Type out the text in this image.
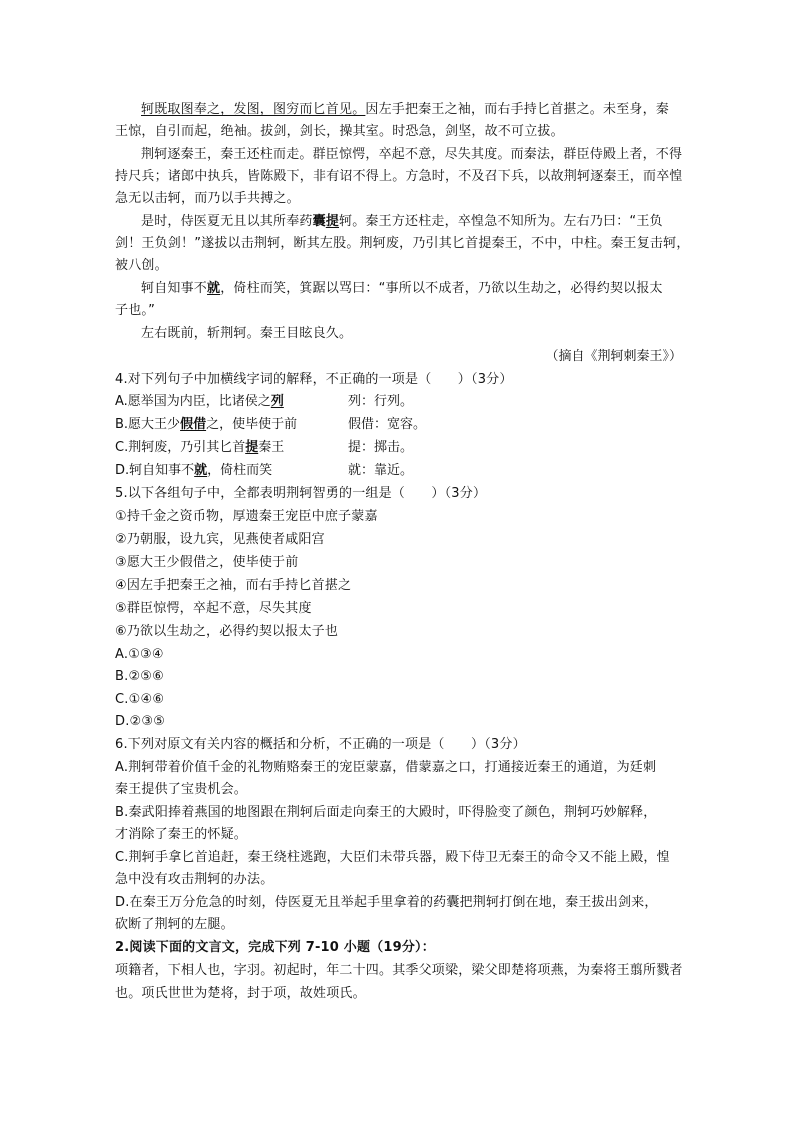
轲既取图奉之，发图，图穷而匕首见。因左手把秦王之袖，而右手持匕首揕之。未至身，秦
王惊，自引而起，绝袖。拔剑，剑长，操其室。时恐急，剑坚，故不可立拔。
荆轲逐秦王，秦王还柱而走。群臣惊愕，卒起不意，尽失其度。而秦法，群臣侍殿上者，不得
持尺兵；诸郎中执兵，皆陈殿下，非有诏不得上。方急时，不及召下兵，以故荆轲逐秦王，而卒惶
急无以击轲，而乃以手共搏之。
是时，侍医夏无且以其所奉药囊提轲。秦王方还柱走，卒惶急不知所为。左右乃曰：“王负
剑！王负剑！”遂拔以击荆轲，断其左股。荆轲废，乃引其匕首提秦王，不中，中柱。秦王复击轲，
被八创。
轲自知事不就，倚柱而笑，箕踞以骂曰：“事所以不成者，乃欲以生劫之，必得约契以报太
子也。”
左右既前，斩荆轲。秦王目眩良久。
（摘自《荆轲刺秦王》）
4.对下列句子中加横线字词的解释，不正确的一项是（　　）（3分）
A.愿举国为内臣，比诸侯之列	列：行列。
B.愿大王少假借之，使毕使于前	假借：宽容。
C.荆轲废，乃引其匕首提秦王	提：掷击。
D.轲自知事不就，倚柱而笑	就：靠近。
5.以下各组句子中，全都表明荆轲智勇的一组是（　　）（3分）
①持千金之资币物，厚遗秦王宠臣中庶子蒙嘉
②乃朝服，设九宾，见燕使者咸阳宫
③愿大王少假借之，使毕使于前
④因左手把秦王之袖，而右手持匕首揕之
⑤群臣惊愕，卒起不意，尽失其度
⑥乃欲以生劫之，必得约契以报太子也
A.①③④
B.②⑤⑥
C.①④⑥
D.②③⑤
6.下列对原文有关内容的概括和分析，不正确的一项是（　　）（3分）
A.荆轲带着价值千金的礼物贿赂秦王的宠臣蒙嘉，借蒙嘉之口，打通接近秦王的通道，为廷刺
秦王提供了宝贵机会。
B.秦武阳捧着燕国的地图跟在荆轲后面走向秦王的大殿时，吓得脸变了颜色，荆轲巧妙解释，
才消除了秦王的怀疑。
C.荆轲手拿匕首追赶，秦王绕柱逃跑，大臣们未带兵器，殿下侍卫无秦王的命令又不能上殿，惶
急中没有攻击荆轲的办法。
D.在秦王万分危急的时刻，侍医夏无且举起手里拿着的药囊把荆轲打倒在地，秦王拔出剑来，
砍断了荆轲的左腿。
2.阅读下面的文言文，完成下列 7-10 小题（19分）：
项籍者，下相人也，字羽。初起时，年二十四。其季父项梁，梁父即楚将项燕，为秦将王翦所戮者
也。项氏世世为楚将，封于项，故姓项氏。
